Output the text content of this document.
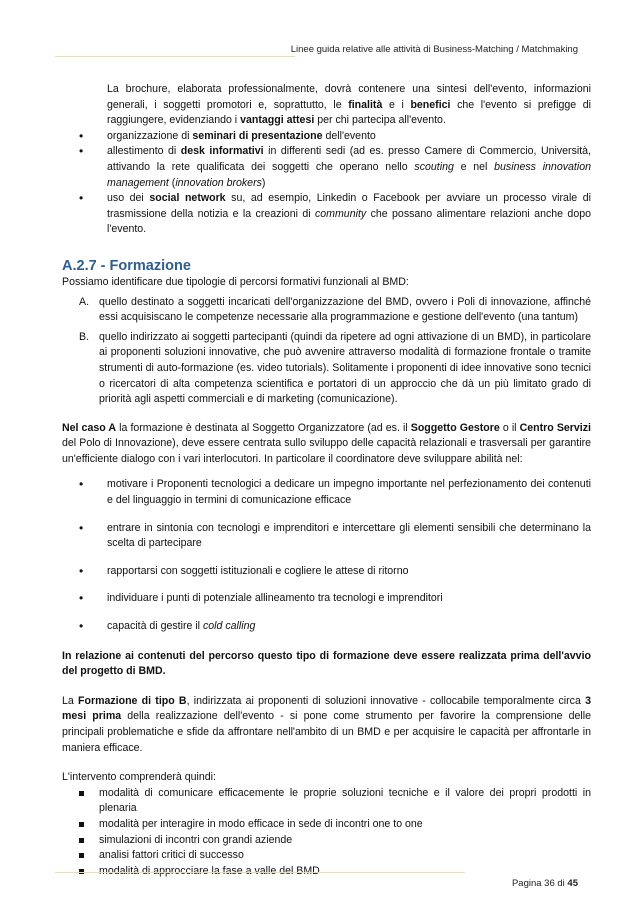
Linee guida relative alle attività di Business-Matching / Matchmaking

La brochure, elaborata professionalmente, dovrà contenere una sintesi dell'evento, informazioni generali, i soggetti promotori e, soprattutto, le finalità e i benefici che l'evento si prefigge di raggiungere, evidenziando i vantaggi attesi per chi partecipa all'evento.

• organizzazione di seminari di presentazione dell'evento
• allestimento di desk informativi in differenti sedi (ad es. presso Camere di Commercio, Università, attivando la rete qualificata dei soggetti che operano nello scouting e nel business innovation management (innovation brokers)
• uso dei social network su, ad esempio, Linkedin o Facebook per avviare un processo virale di trasmissione della notizia e la creazioni di community che possano alimentare relazioni anche dopo l'evento.
A.2.7 - Formazione

Possiamo identificare due tipologie di percorsi formativi funzionali al BMD:

A. quello destinato a soggetti incaricati dell'organizzazione del BMD, ovvero i Poli di innovazione, affinché essi acquisiscano le competenze necessarie alla programmazione e gestione dell'evento (una tantum)
B. quello indirizzato ai soggetti partecipanti (quindi da ripetere ad ogni attivazione di un BMD), in particolare ai proponenti soluzioni innovative, che può avvenire attraverso modalità di formazione frontale o tramite strumenti di auto-formazione (es. video tutorials). Solitamente i proponenti di idee innovative sono tecnici o ricercatori di alta competenza scientifica e portatori di un approccio che dà un più limitato grado di priorità agli aspetti commerciali e di marketing (comunicazione).

Nel caso A la formazione è destinata al Soggetto Organizzatore (ad es. il Soggetto Gestore o il Centro Servizi del Polo di Innovazione), deve essere centrata sullo sviluppo delle capacità relazionali e trasversali per garantire un'efficiente dialogo con i vari interlocutori. In particolare il coordinatore deve sviluppare abilità nel:

• motivare i Proponenti tecnologici a dedicare un impegno importante nel perfezionamento dei contenuti e del linguaggio in termini di comunicazione efficace
• entrare in sintonia con tecnologi e imprenditori e intercettare gli elementi sensibili che determinano la scelta di partecipare
• rapportarsi con soggetti istituzionali e cogliere le attese di ritorno
• individuare i punti di potenziale allineamento tra tecnologi e imprenditori
• capacità di gestire il cold calling

In relazione ai contenuti del percorso questo tipo di formazione deve essere realizzata prima dell'avvio del progetto di BMD.

La Formazione di tipo B, indirizzata ai proponenti di soluzioni innovative - collocabile temporalmente circa 3 mesi prima della realizzazione dell'evento - si pone come strumento per favorire la comprensione delle principali problematiche e sfide da affrontare nell'ambito di un BMD e per acquisire le capacità per affrontarle in maniera efficace.

L'intervento comprenderà quindi:

modalità di comunicare efficacemente le proprie soluzioni tecniche e il valore dei propri prodotti in plenaria
modalità per interagire in modo efficace in sede di incontri one to one
simulazioni di incontri con grandi aziende
analisi fattori critici di successo
modalità di approcciare la fase a valle del BMD
Pagina 36 di 45
